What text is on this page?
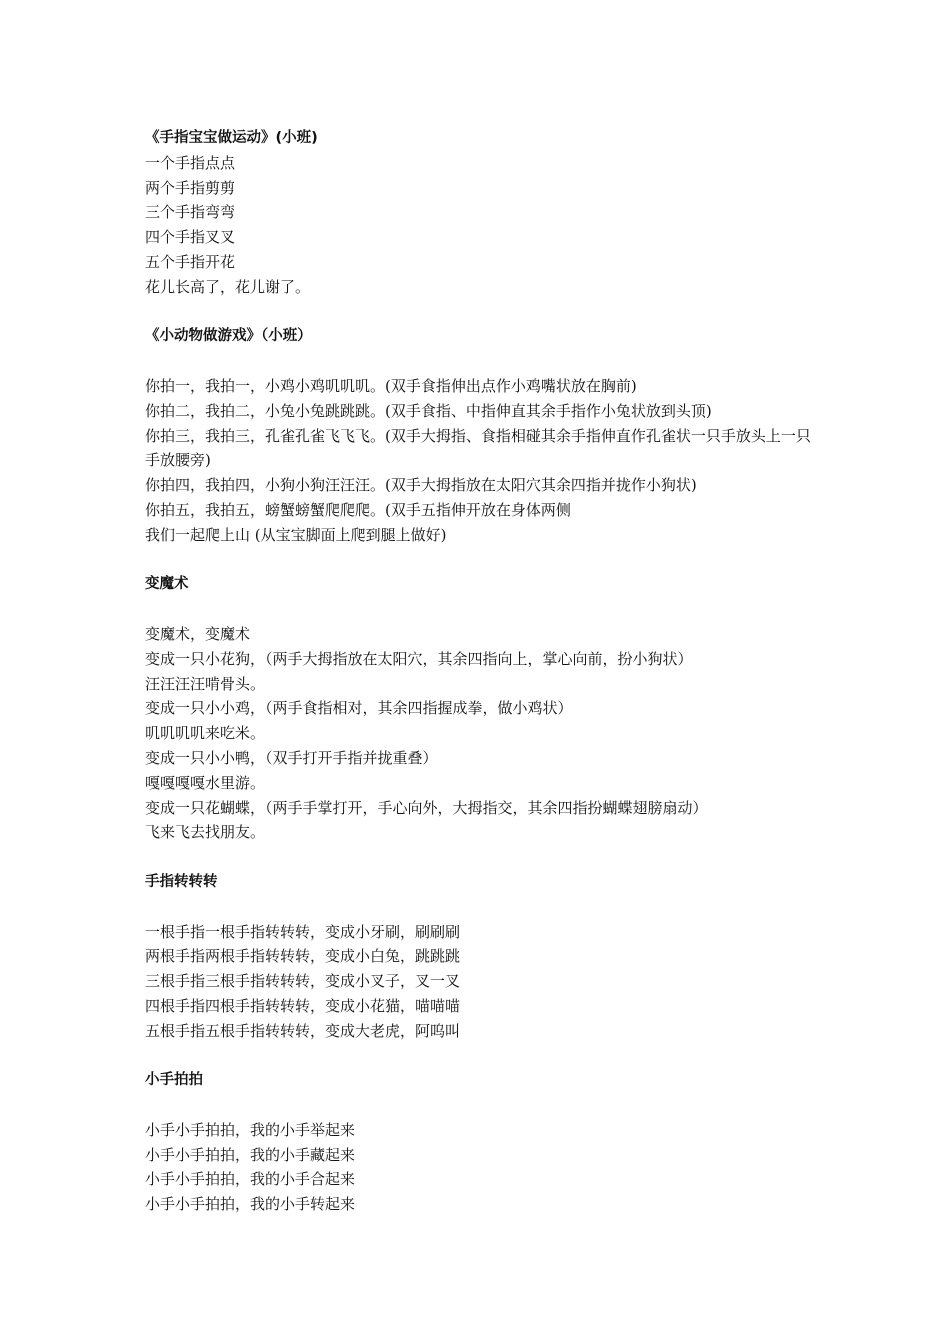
《手指宝宝做运动》(小班)
一个手指点点
两个手指剪剪
三个手指弯弯
四个手指叉叉
五个手指开花
花儿长高了，花儿谢了。
《小动物做游戏》（小班）
你拍一，我拍一，小鸡小鸡叽叽叽。(双手食指伸出点作小鸡嘴状放在胸前)
你拍二，我拍二，小兔小兔跳跳跳。(双手食指、中指伸直其余手指作小兔状放到头顶)
你拍三，我拍三，孔雀孔雀飞飞飞。(双手大拇指、食指相碰其余手指伸直作孔雀状一只手放头上一只手放腰旁)
你拍四，我拍四，小狗小狗汪汪汪。(双手大拇指放在太阳穴其余四指并拢作小狗状)
你拍五，我拍五，螃蟹螃蟹爬爬爬。(双手五指伸开放在身体两侧
我们一起爬上山 (从宝宝脚面上爬到腿上做好)
变魔术
变魔术，变魔术
变成一只小花狗，（两手大拇指放在太阳穴，其余四指向上，掌心向前，扮小狗状）
汪汪汪汪啃骨头。
变成一只小小鸡，（两手食指相对，其余四指握成拳，做小鸡状）
叽叽叽叽来吃米。
变成一只小小鸭，（双手打开手指并拢重叠）
嘎嘎嘎嘎水里游。
变成一只花蝴蝶，（两手手掌打开，手心向外，大拇指交，其余四指扮蝴蝶翅膀扇动）
飞来飞去找朋友。
手指转转转
一根手指一根手指转转转，变成小牙刷，刷刷刷
两根手指两根手指转转转，变成小白兔，跳跳跳
三根手指三根手指转转转，变成小叉子，叉一叉
四根手指四根手指转转转，变成小花猫，喵喵喵
五根手指五根手指转转转，变成大老虎，阿呜叫
小手拍拍
小手小手拍拍，我的小手举起来
小手小手拍拍，我的小手藏起来
小手小手拍拍，我的小手合起来
小手小手拍拍，我的小手转起来
